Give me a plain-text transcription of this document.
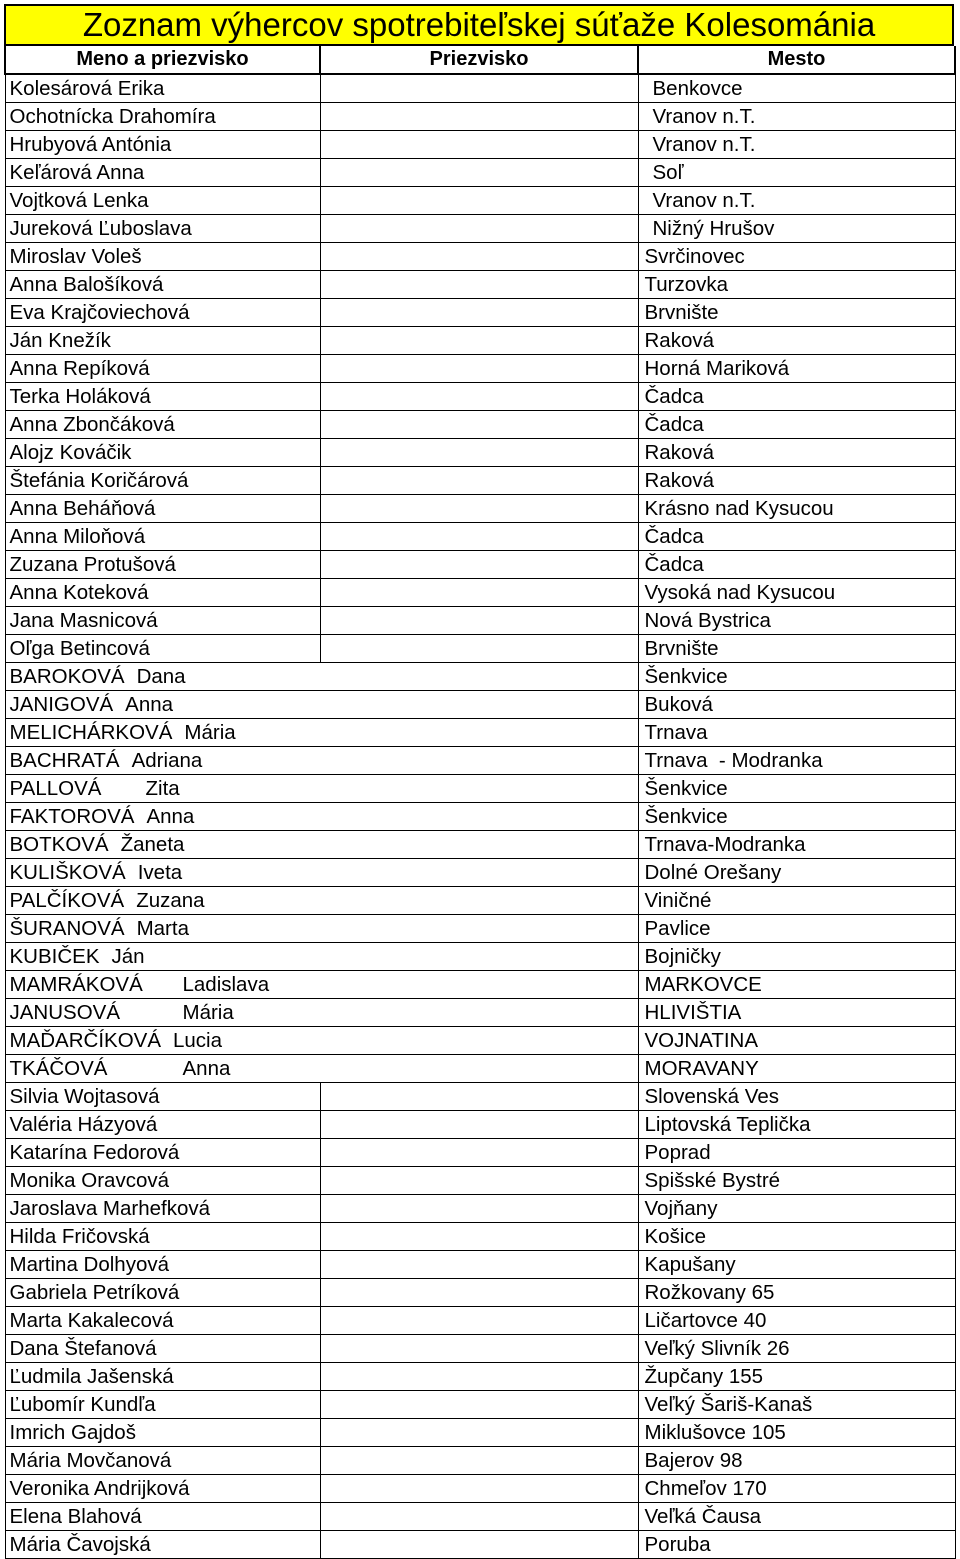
Zoznam výhercov spotrebiteľskej súťaže Kolesománia
Meno a priezvisko	Priezvisko	Mesto
Kolesárová Erika		Benkovce
Ochotnícka Drahomíra		Vranov n.T.
Hrubyová Antónia		Vranov n.T.
Keľárová Anna		Soľ
Vojtková Lenka		Vranov n.T.
Jureková Ľuboslava		Nižný Hrušov
Miroslav Voleš		Svrčinovec
Anna Balošíková		Turzovka
Eva Krajčoviechová		Brvnište
Ján Knežík		Raková
Anna Repíková		Horná Mariková
Terka Holáková		Čadca
Anna Zbončáková		Čadca
Alojz Kováčik		Raková
Štefánia Koričárová		Raková
Anna Beháňová		Krásno nad Kysucou
Anna Miloňová		Čadca
Zuzana Protušová		Čadca
Anna Koteková		Vysoká nad Kysucou
Jana Masnicová		Nová Bystrica
Oľga Betincová		Brvnište
BAROKOVÁ Dana		Šenkvice
JANIGOVÁ Anna		Buková
MELICHÁRKOVÁ Mária		Trnava
BACHRATÁ Adriana		Trnava  - Modranka
PALLOVÁ Zita		Šenkvice
FAKTOROVÁ Anna		Šenkvice
BOTKOVÁ Žaneta		Trnava-Modranka
KULIŠKOVÁ Iveta		Dolné Orešany
PALČÍKOVÁ Zuzana		Viničné
ŠURANOVÁ Marta		Pavlice
KUBIČEK Ján		Bojničky
MAMRÁKOVÁ Ladislava		MARKOVCE
JANUSOVÁ Mária		HLIVIŠTIA
MAĎARČÍKOVÁ Lucia		VOJNATINA
TKÁČOVÁ Anna		MORAVANY
Silvia Wojtasová		Slovenská Ves
Valéria Házyová		Liptovská Teplička
Katarína Fedorová		Poprad
Monika Oravcová		Spišské Bystré
Jaroslava Marhefková		Vojňany
Hilda Fričovská		Košice
Martina Dolhyová		Kapušany
Gabriela Petríková		Rožkovany 65
Marta Kakalecová		Ličartovce 40
Dana Štefanová		Veľký Slivník 26
Ľudmila Jašenská		Župčany 155
Ľubomír Kundľa		Veľký Šariš-Kanaš
Imrich Gajdoš		Miklušovce 105
Mária Movčanová		Bajerov 98
Veronika Andrijková		Chmeľov 170
Elena Blahová		Veľká Čausa
Mária Čavojská		Poruba
